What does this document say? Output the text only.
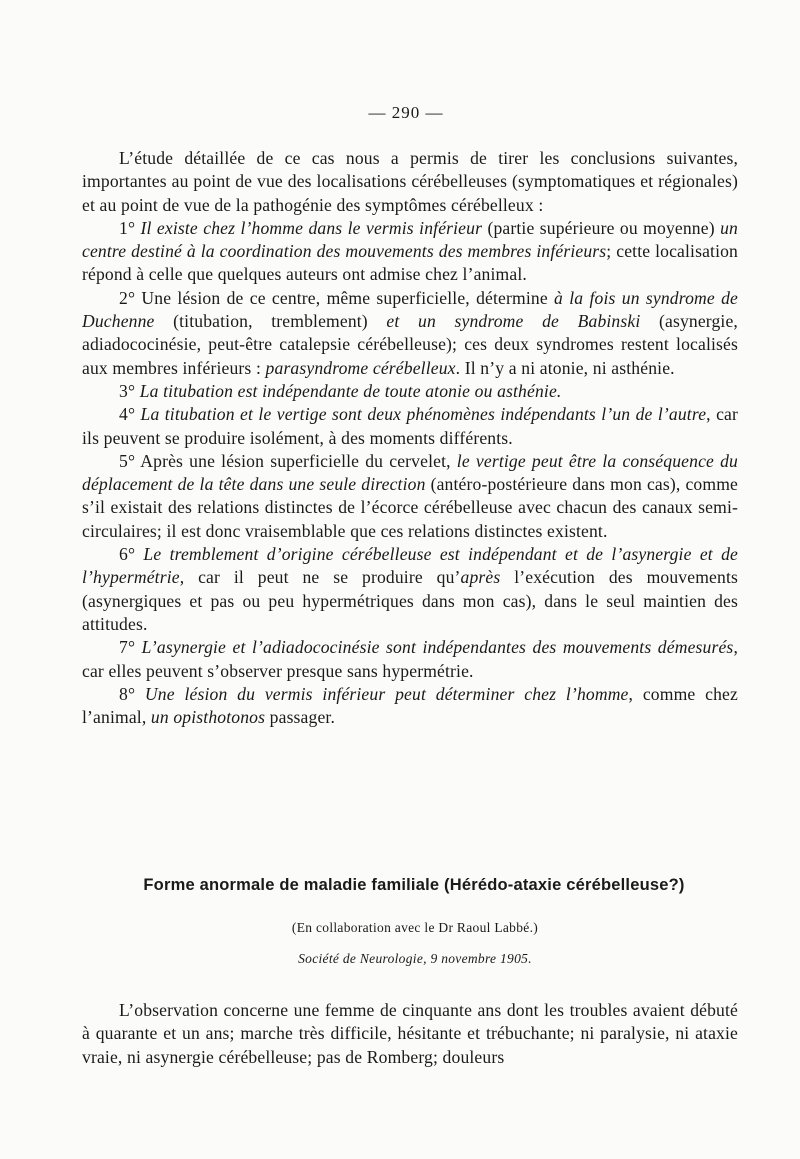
— 290 —

L’étude détaillée de ce cas nous a permis de tirer les conclusions suivantes, importantes au point de vue des localisations cérébelleuses (symptomatiques et régionales) et au point de vue de la pathogénie des symptômes cérébelleux :

1° Il existe chez l’homme dans le vermis inférieur (partie supérieure ou moyenne) un centre destiné à la coordination des mouvements des membres inférieurs; cette localisation répond à celle que quelques auteurs ont admise chez l’animal.

2° Une lésion de ce centre, même superficielle, détermine à la fois un syndrome de Duchenne (titubation, tremblement) et un syndrome de Babinski (asynergie, adiadococinésie, peut-être catalepsie cérébelleuse); ces deux syndromes restent localisés aux membres inférieurs : parasyndrome cérébelleux. Il n’y a ni atonie, ni asthénie.

3° La titubation est indépendante de toute atonie ou asthénie.

4° La titubation et le vertige sont deux phénomènes indépendants l’un de l’autre, car ils peuvent se produire isolément, à des moments différents.

5° Après une lésion superficielle du cervelet, le vertige peut être la conséquence du déplacement de la tête dans une seule direction (antéro-postérieure dans mon cas), comme s’il existait des relations distinctes de l’écorce cérébelleuse avec chacun des canaux semi-circulaires; il est donc vraisemblable que ces relations distinctes existent.

6° Le tremblement d’origine cérébelleuse est indépendant et de l’asynergie et de l’hypermétrie, car il peut ne se produire qu’après l’exécution des mouvements (asynergiques et pas ou peu hypermétriques dans mon cas), dans le seul maintien des attitudes.

7° L’asynergie et l’adiadococinésie sont indépendantes des mouvements démesurés, car elles peuvent s’observer presque sans hypermétrie.

8° Une lésion du vermis inférieur peut déterminer chez l’homme, comme chez l’animal, un opisthotonos passager.

Forme anormale de maladie familiale (Hérédo-ataxie cérébelleuse?)
(En collaboration avec le Dr Raoul Labbé.)
Société de Neurologie, 9 novembre 1905.

L’observation concerne une femme de cinquante ans dont les troubles avaient débuté à quarante et un ans; marche très difficile, hésitante et trébuchante; ni paralysie, ni ataxie vraie, ni asynergie cérébelleuse; pas de Romberg; douleurs
